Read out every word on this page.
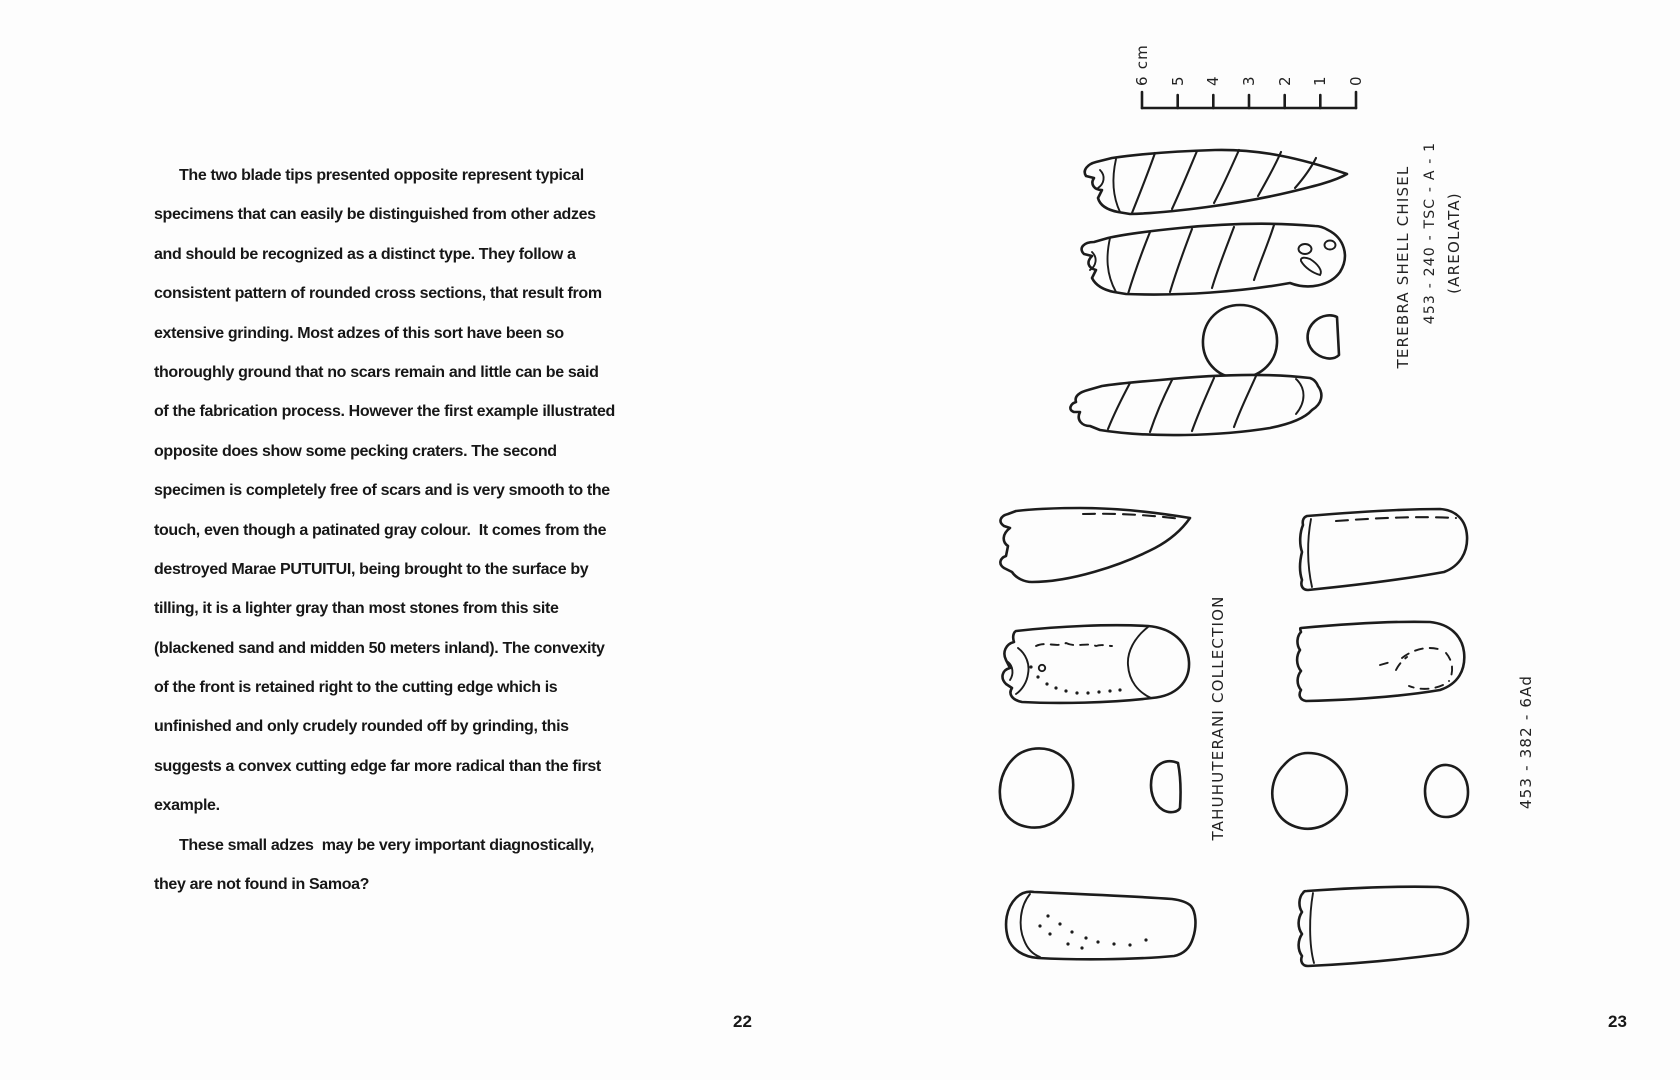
The two blade tips presented opposite represent typical
specimens that can easily be distinguished from other adzes
and should be recognized as a distinct type. They follow a
consistent pattern of rounded cross sections, that result from
extensive grinding. Most adzes of this sort have been so
thoroughly ground that no scars remain and little can be said
of the fabrication process. However the first example illustrated
opposite does show some pecking craters. The second
specimen is completely free of scars and is very smooth to the
touch, even though a patinated gray colour.  It comes from the
destroyed Marae PUTUITUI, being brought to the surface by
tilling, it is a lighter gray than most stones from this site
(blackened sand and midden 50 meters inland). The convexity
of the front is retained right to the cutting edge which is
unfinished and only crudely rounded off by grinding, this
suggests a convex cutting edge far more radical than the first
example.
These small adzes  may be very important diagnostically,
they are not found in Samoa?
22
6 cm 5 4 3 2 1 0
TEREBRA SHELL CHISEL 453 - 240 - TSC - A - 1 (AREOLATA)
TAHUHUTERANI COLLECTION	453 - 382 - 6Ad
23
